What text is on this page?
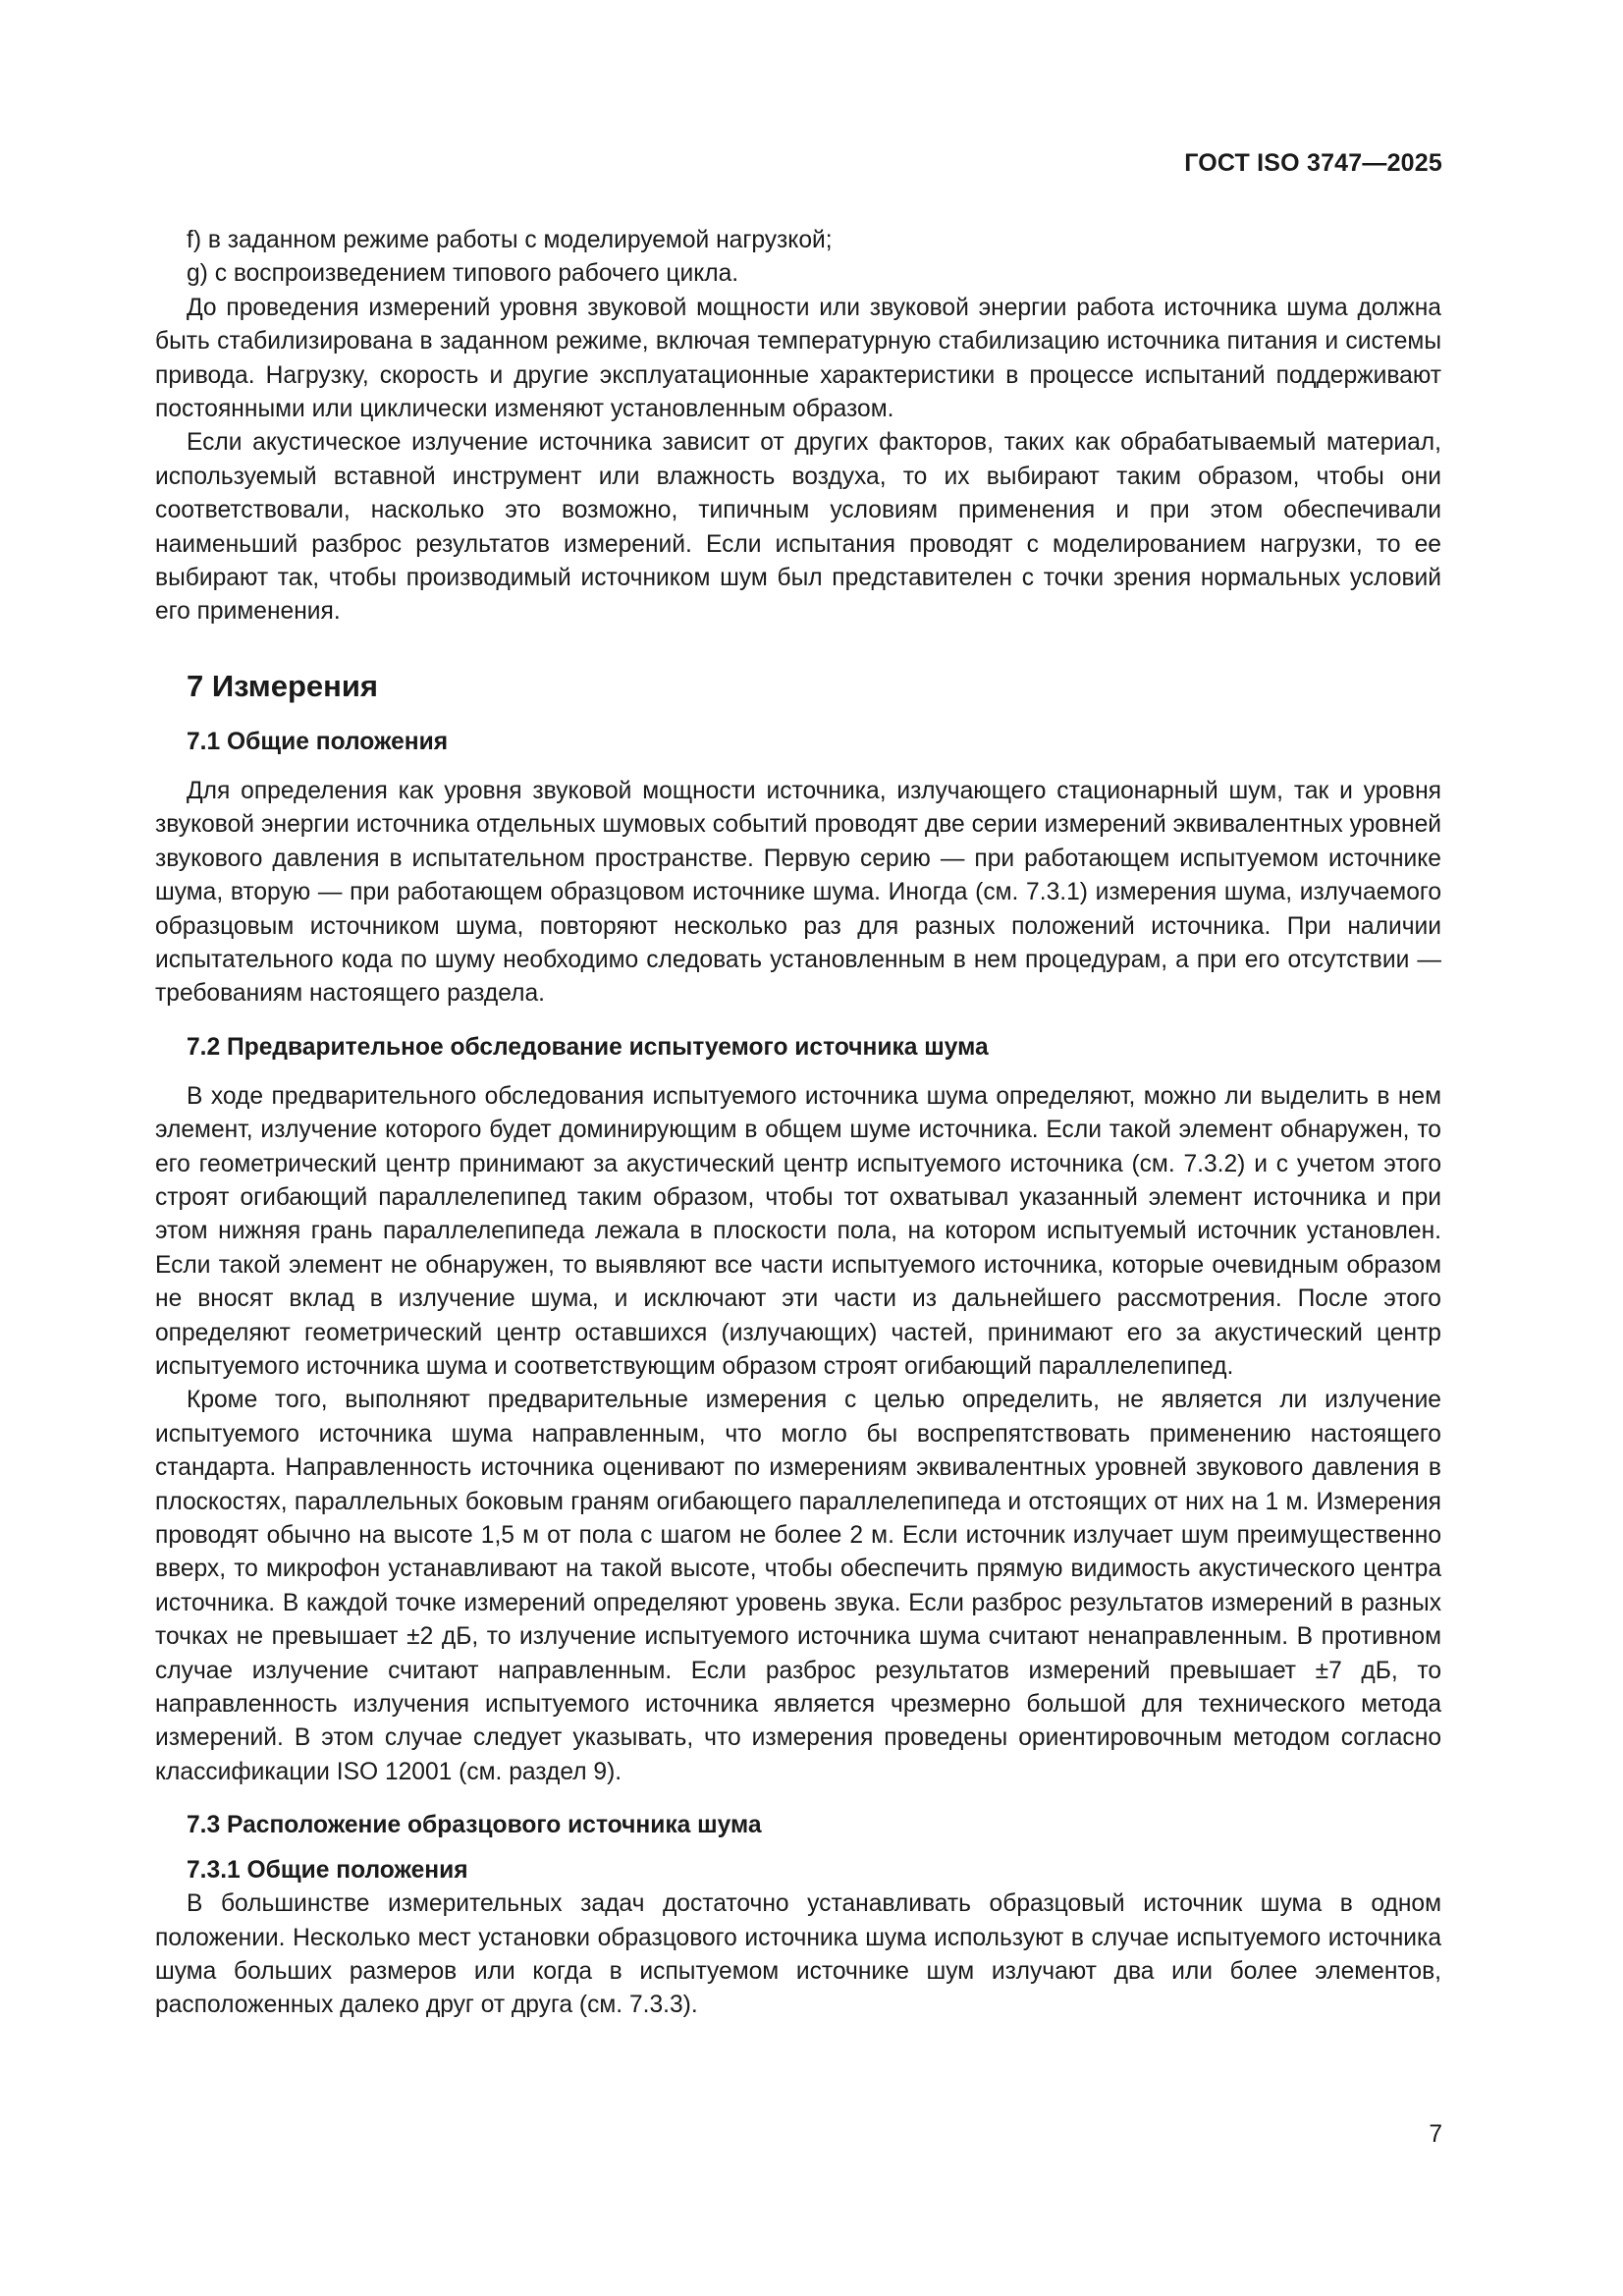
ГОСТ ISO 3747—2025

f) в заданном режиме работы с моделируемой нагрузкой;

g) с воспроизведением типового рабочего цикла.

До проведения измерений уровня звуковой мощности или звуковой энергии работа источника шума должна быть стабилизирована в заданном режиме, включая температурную стабилизацию источника питания и системы привода. Нагрузку, скорость и другие эксплуатационные характеристики в процессе испытаний поддерживают постоянными или циклически изменяют установленным образом.

Если акустическое излучение источника зависит от других факторов, таких как обрабатываемый материал, используемый вставной инструмент или влажность воздуха, то их выбирают таким образом, чтобы они соответствовали, насколько это возможно, типичным условиям применения и при этом обеспечивали наименьший разброс результатов измерений. Если испытания проводят с моделированием нагрузки, то ее выбирают так, чтобы производимый источником шум был представителен с точки зрения нормальных условий его применения.

7 Измерения
7.1 Общие положения

Для определения как уровня звуковой мощности источника, излучающего стационарный шум, так и уровня звуковой энергии источника отдельных шумовых событий проводят две серии измерений эквивалентных уровней звукового давления в испытательном пространстве. Первую серию — при работающем испытуемом источнике шума, вторую — при работающем образцовом источнике шума. Иногда (см. 7.3.1) измерения шума, излучаемого образцовым источником шума, повторяют несколько раз для разных положений источника. При наличии испытательного кода по шуму необходимо следовать установленным в нем процедурам, а при его отсутствии — требованиям настоящего раздела.

7.2 Предварительное обследование испытуемого источника шума

В ходе предварительного обследования испытуемого источника шума определяют, можно ли выделить в нем элемент, излучение которого будет доминирующим в общем шуме источника. Если такой элемент обнаружен, то его геометрический центр принимают за акустический центр испытуемого источника (см. 7.3.2) и с учетом этого строят огибающий параллелепипед таким образом, чтобы тот охватывал указанный элемент источника и при этом нижняя грань параллелепипеда лежала в плоскости пола, на котором испытуемый источник установлен. Если такой элемент не обнаружен, то выявляют все части испытуемого источника, которые очевидным образом не вносят вклад в излучение шума, и исключают эти части из дальнейшего рассмотрения. После этого определяют геометрический центр оставшихся (излучающих) частей, принимают его за акустический центр испытуемого источника шума и соответствующим образом строят огибающий параллелепипед.

Кроме того, выполняют предварительные измерения с целью определить, не является ли излучение испытуемого источника шума направленным, что могло бы воспрепятствовать применению настоящего стандарта. Направленность источника оценивают по измерениям эквивалентных уровней звукового давления в плоскостях, параллельных боковым граням огибающего параллелепипеда и отстоящих от них на 1 м. Измерения проводят обычно на высоте 1,5 м от пола с шагом не более 2 м. Если источник излучает шум преимущественно вверх, то микрофон устанавливают на такой высоте, чтобы обеспечить прямую видимость акустического центра источника. В каждой точке измерений определяют уровень звука. Если разброс результатов измерений в разных точках не превышает ±2 дБ, то излучение испытуемого источника шума считают ненаправленным. В противном случае излучение считают направленным. Если разброс результатов измерений превышает ±7 дБ, то направленность излучения испытуемого источника является чрезмерно большой для технического метода измерений. В этом случае следует указывать, что измерения проведены ориентировочным методом согласно классификации ISO 12001 (см. раздел 9).

7.3 Расположение образцового источника шума
7.3.1 Общие положения

В большинстве измерительных задач достаточно устанавливать образцовый источник шума в одном положении. Несколько мест установки образцового источника шума используют в случае испытуемого источника шума больших размеров или когда в испытуемом источнике шум излучают два или более элементов, расположенных далеко друг от друга (см. 7.3.3).

7
